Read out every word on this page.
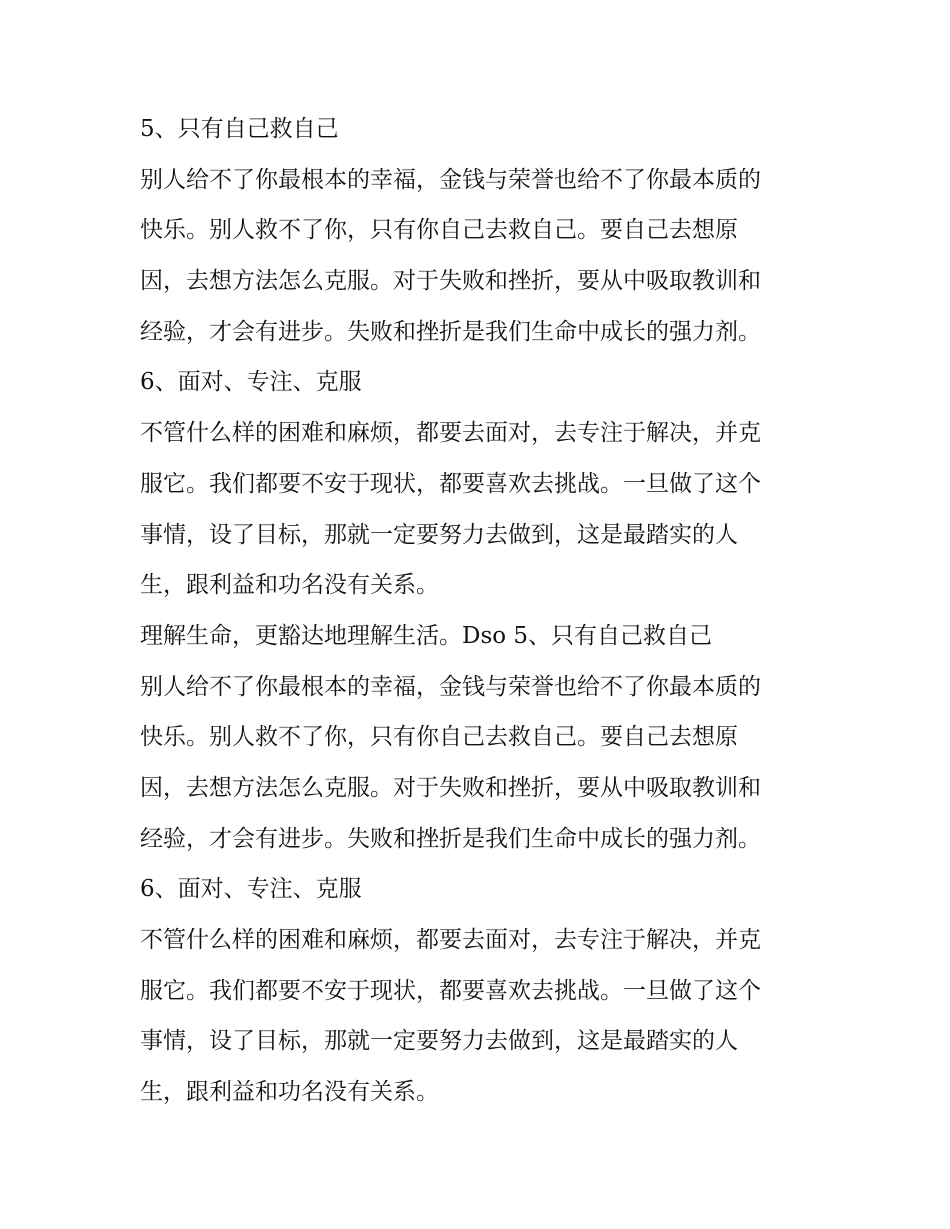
5、只有自己救自己
别人给不了你最根本的幸福，金钱与荣誉也给不了你最本质的
快乐。别人救不了你，只有你自己去救自己。要自己去想原
因，去想方法怎么克服。对于失败和挫折，要从中吸取教训和
经验，才会有进步。失败和挫折是我们生命中成长的强力剂。
6、面对、专注、克服
不管什么样的困难和麻烦，都要去面对，去专注于解决，并克
服它。我们都要不安于现状，都要喜欢去挑战。一旦做了这个
事情，设了目标，那就一定要努力去做到，这是最踏实的人
生，跟利益和功名没有关系。
理解生命，更豁达地理解生活。Dso 5、只有自己救自己
别人给不了你最根本的幸福，金钱与荣誉也给不了你最本质的
快乐。别人救不了你，只有你自己去救自己。要自己去想原
因，去想方法怎么克服。对于失败和挫折，要从中吸取教训和
经验，才会有进步。失败和挫折是我们生命中成长的强力剂。
6、面对、专注、克服
不管什么样的困难和麻烦，都要去面对，去专注于解决，并克
服它。我们都要不安于现状，都要喜欢去挑战。一旦做了这个
事情，设了目标，那就一定要努力去做到，这是最踏实的人
生，跟利益和功名没有关系。
